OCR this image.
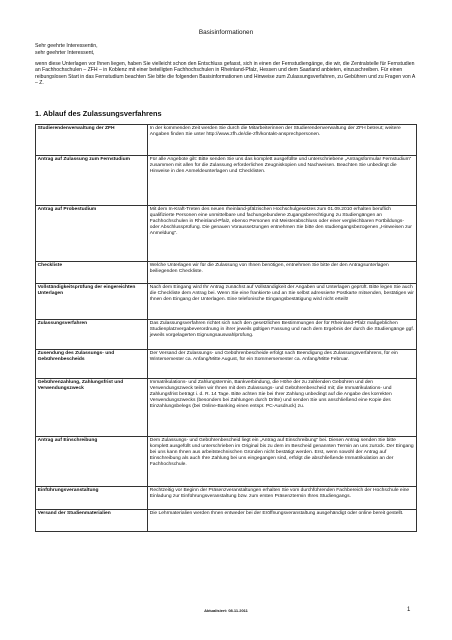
Basisinformationen
Sehr geehrte Interessentin,
sehr geehrter Interessent,
wenn diese Unterlagen vor Ihnen liegen, haben Sie vielleicht schon den Entschluss gefasst, sich in einen der Fernstudiengänge, die wir, die Zentralstelle für Fernstudien an Fachhochschulen – ZFH – in Koblenz mit einer beteiligten Fachhochschulen in Rheinland-Pfalz, Hessen und dem Saarland anbieten, einzuschreiben. Für einen reibungslosen Start in das Fernstudium beachten Sie bitte die folgenden Basisinformationen und Hinweise zum Zulassungsverfahren, zu Gebühren und zu Fragen von A – Z.
1. Ablauf des Zulassungsverfahrens
Studierendenverwaltung der ZFH	In der kommenden Zeit werden Sie durch die Mitarbeiterinnen der Studierendenverwaltung der ZFH betreut; weitere Angaben finden Sie unter http://www.zfh.de/die-zfh/kontakt-ansprechpersonen.
Antrag auf Zulassung zum Fernstudium	Für alle Angebote gilt: Bitte senden Sie uns das komplett ausgefüllte und unterschriebene „Antragsformular Fernstudium“ zusammen mit allen für die Zulassung erforderlichen Zeugniskopien und Nachweisen. Beachten Sie unbedingt die Hinweise in den Anmeldeunterlagen und Checklisten.
Antrag auf Probestudium	Mit dem In-Kraft-Treten des neuen rheinland-pfälzischen Hochschulgesetzes zum 01.09.2010 erhalten beruflich qualifizierte Personen eine unmittelbare und fachungebundene Zugangsberechtigung zu Studiengängen an Fachhochschulen in Rheinland-Pfalz, ebenso Personen mit Meisterabschluss oder einer vergleichbaren Fortbildungs- oder Abschlussprüfung. Die genauen Voraussetzungen entnehmen Sie bitte den studiengangsbezogenen „Hinweisen zur Anmeldung“.
Checkliste	Welche Unterlagen wir für die Zulassung von Ihnen benötigen, entnehmen Sie bitte der den Antragsunterlagen beiliegenden Checkliste.
Vollständigkeitsprüfung der eingereichten Unterlagen	Nach dem Eingang wird Ihr Antrag zunächst auf Vollständigkeit der Angaben und Unterlagen geprüft. Bitte legen Sie auch die Checkliste dem Antrag bei. Wenn Sie eine frankierte und an Sie selbst adressierte Postkarte mitsenden, bestätigen wir Ihnen den Eingang der Unterlagen. Eine telefonische Eingangsbestätigung wird nicht erteilt!
Zulassungsverfahren	Das Zulassungsverfahren richtet sich nach den gesetzlichen Bestimmungen der für Rheinland-Pfalz maßgeblichen Studienplatzvergabeverordnung in ihrer jeweils gültigen Fassung und nach dem Ergebnis der durch die Studiengänge ggf. jeweils vorgelagerten Eignungsauswahlprüfung.
Zusendung des Zulassungs- und Gebührenbescheids	Der Versand der Zulassungs- und Gebührenbescheide erfolgt nach Beendigung des Zulassungsverfahrens, für ein Wintersemester ca. Anfang/Mitte August, für ein Sommersemester ca. Anfang/Mitte Februar.
Gebührenzahlung, Zahlungsfrist und Verwendungszweck	Immatrikulations- und Zahlungstermin, Bankverbindung, die Höhe der zu zahlenden Gebühren und den Verwendungszweck teilen wir Ihnen mit dem Zulassungs- und Gebührenbescheid mit; die Immatrikulations- und Zahlungsfrist beträgt i. d. R. 14 Tage. Bitte achten Sie bei Ihrer Zahlung unbedingt auf die Angabe des korrekten Verwendungszwecks (besonders bei Zahlungen durch Dritte) und senden Sie uns anschließend eine Kopie des Einzahlungsbelegs (bei Online-Banking einen entspr. PC-Ausdruck) zu.
Antrag auf Einschreibung	Dem Zulassungs- und Gebührenbescheid liegt ein „Antrag auf Einschreibung“ bei. Diesen Antrag senden Sie bitte komplett ausgefüllt und unterschrieben im Original bis zu dem im Bescheid genannten Termin an uns zurück. Der Eingang bei uns kann Ihnen aus arbeitstechnischen Gründen nicht bestätigt werden. Erst, wenn sowohl der Antrag auf Einschreibung als auch Ihre Zahlung bei uns eingegangen sind, erfolgt die abschließende Immatrikulation an der Fachhochschule.
Einführungsveranstaltung	Rechtzeitig vor Beginn der Präsenzveranstaltungen erhalten Sie vom durchführenden Fachbereich der Hochschule eine Einladung zur Einführungsveranstaltung bzw. zum ersten Präsenztermin Ihres Studiengangs.
Versand der Studienmaterialien	Die Lehrmaterialien werden Ihnen entweder bei der Eröffnungsveranstaltung ausgehändigt oder online bereit gestellt.
Aktualisiert: 08.11.2011	1
